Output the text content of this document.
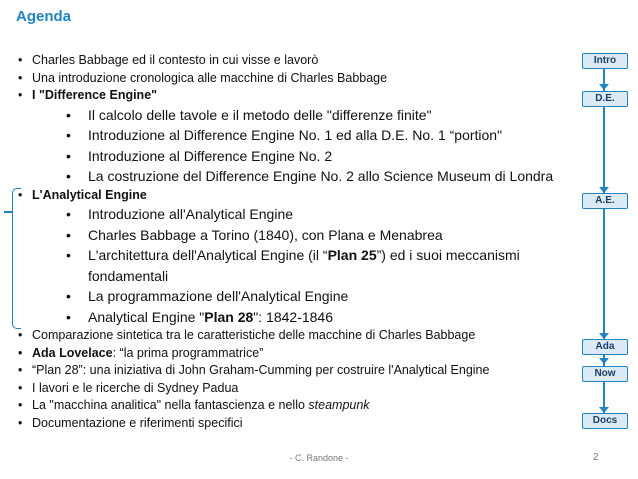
Agenda
• Charles Babbage ed il contesto in cui visse e lavorò
• Una introduzione cronologica alle macchine di Charles Babbage
• I "Difference Engine"
• Il calcolo delle tavole e il metodo delle "differenze finite"
• Introduzione al Difference Engine No. 1 ed alla D.E. No. 1 “portion"
• Introduzione al Difference Engine No. 2
• La costruzione del Difference Engine No. 2 allo Science Museum di Londra
• L'Analytical Engine
• Introduzione all'Analytical Engine
• Charles Babbage a Torino (1840), con Plana e Menabrea
• L'architettura dell'Analytical Engine (il “Plan 25”) ed i suoi meccanismi
fondamentali
• La programmazione dell'Analytical Engine
• Analytical Engine "Plan 28": 1842-1846
• Comparazione sintetica tra le caratteristiche delle macchine di Charles Babbage
• Ada Lovelace: “la prima programmatrice”
• “Plan 28”: una iniziativa di John Graham-Cumming per costruire l'Analytical Engine
• I lavori e le ricerche di Sydney Padua
• La "macchina analitica" nella fantascienza e nello steampunk
• Documentazione e riferimenti specifici
Intro
D.E.
A.E.
Ada
Now
Docs
- C. Randone -	2
